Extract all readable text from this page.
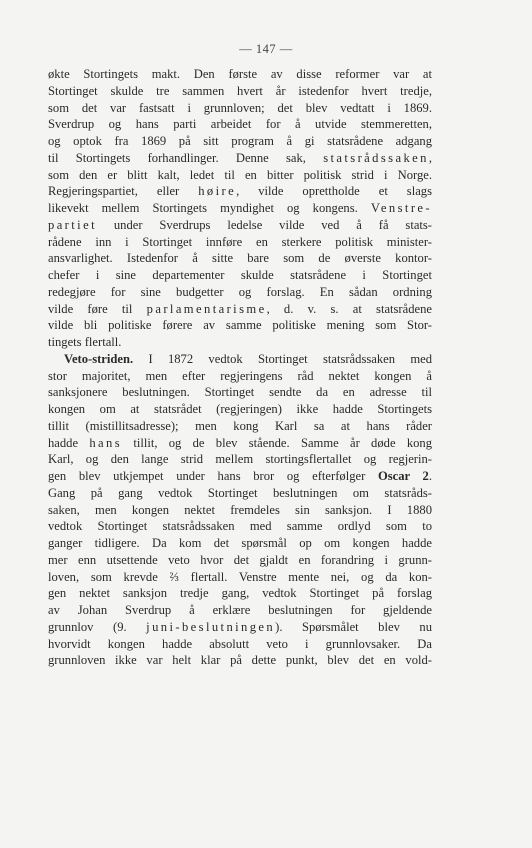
— 147 —
økte Stortingets makt. Den første av disse reformer var at
Stortinget skulde tre sammen hvert år istedenfor hvert tredje,
som det var fastsatt i grunnloven; det blev vedtatt i 1869.
Sverdrup og hans parti arbeidet for å utvide stemmeretten,
og optok fra 1869 på sitt program å gi statsrådene adgang
til Stortingets forhandlinger. Denne sak, statsrådssaken,
som den er blitt kalt, ledet til en bitter politisk strid i Norge.
Regjeringspartiet, eller høire, vilde oprettholde et slags
likevekt mellem Stortingets myndighet og kongens. Venstre-
partiet under Sverdrups ledelse vilde ved å få stats-
rådene inn i Stortinget innføre en sterkere politisk minister-
ansvarlighet. Istedenfor å sitte bare som de øverste kontor-
chefer i sine departementer skulde statsrådene i Stortinget
redegjøre for sine budgetter og forslag. En sådan ordning
vilde føre til parlamentarisme, d. v. s. at statsrådene
vilde bli politiske førere av samme politiske mening som Stor-
tingets flertall.
Veto-striden. I 1872 vedtok Stortinget statsrådssaken med
stor majoritet, men efter regjeringens råd nektet kongen å
sanksjonere beslutningen. Stortinget sendte da en adresse til
kongen om at statsrådet (regjeringen) ikke hadde Stortingets
tillit (mistillitsadresse); men kong Karl sa at hans råder
hadde hans tillit, og de blev stående. Samme år døde kong
Karl, og den lange strid mellem stortingsflertallet og regjerin-
gen blev utkjempet under hans bror og efterfølger Oscar 2.
Gang på gang vedtok Stortinget beslutningen om statsråds-
saken, men kongen nektet fremdeles sin sanksjon. I 1880
vedtok Stortinget statsrådssaken med samme ordlyd som to
ganger tidligere. Da kom det spørsmål op om kongen hadde
mer enn utsettende veto hvor det gjaldt en forandring i grunn-
loven, som krevde ⅔ flertall. Venstre mente nei, og da kon-
gen nektet sanksjon tredje gang, vedtok Stortinget på forslag
av Johan Sverdrup å erklære beslutningen for gjeldende
grunnlov (9. juni-beslutningen). Spørsmålet blev nu
hvorvidt kongen hadde absolutt veto i grunnlovsaker. Da
grunnloven ikke var helt klar på dette punkt, blev det en vold-
